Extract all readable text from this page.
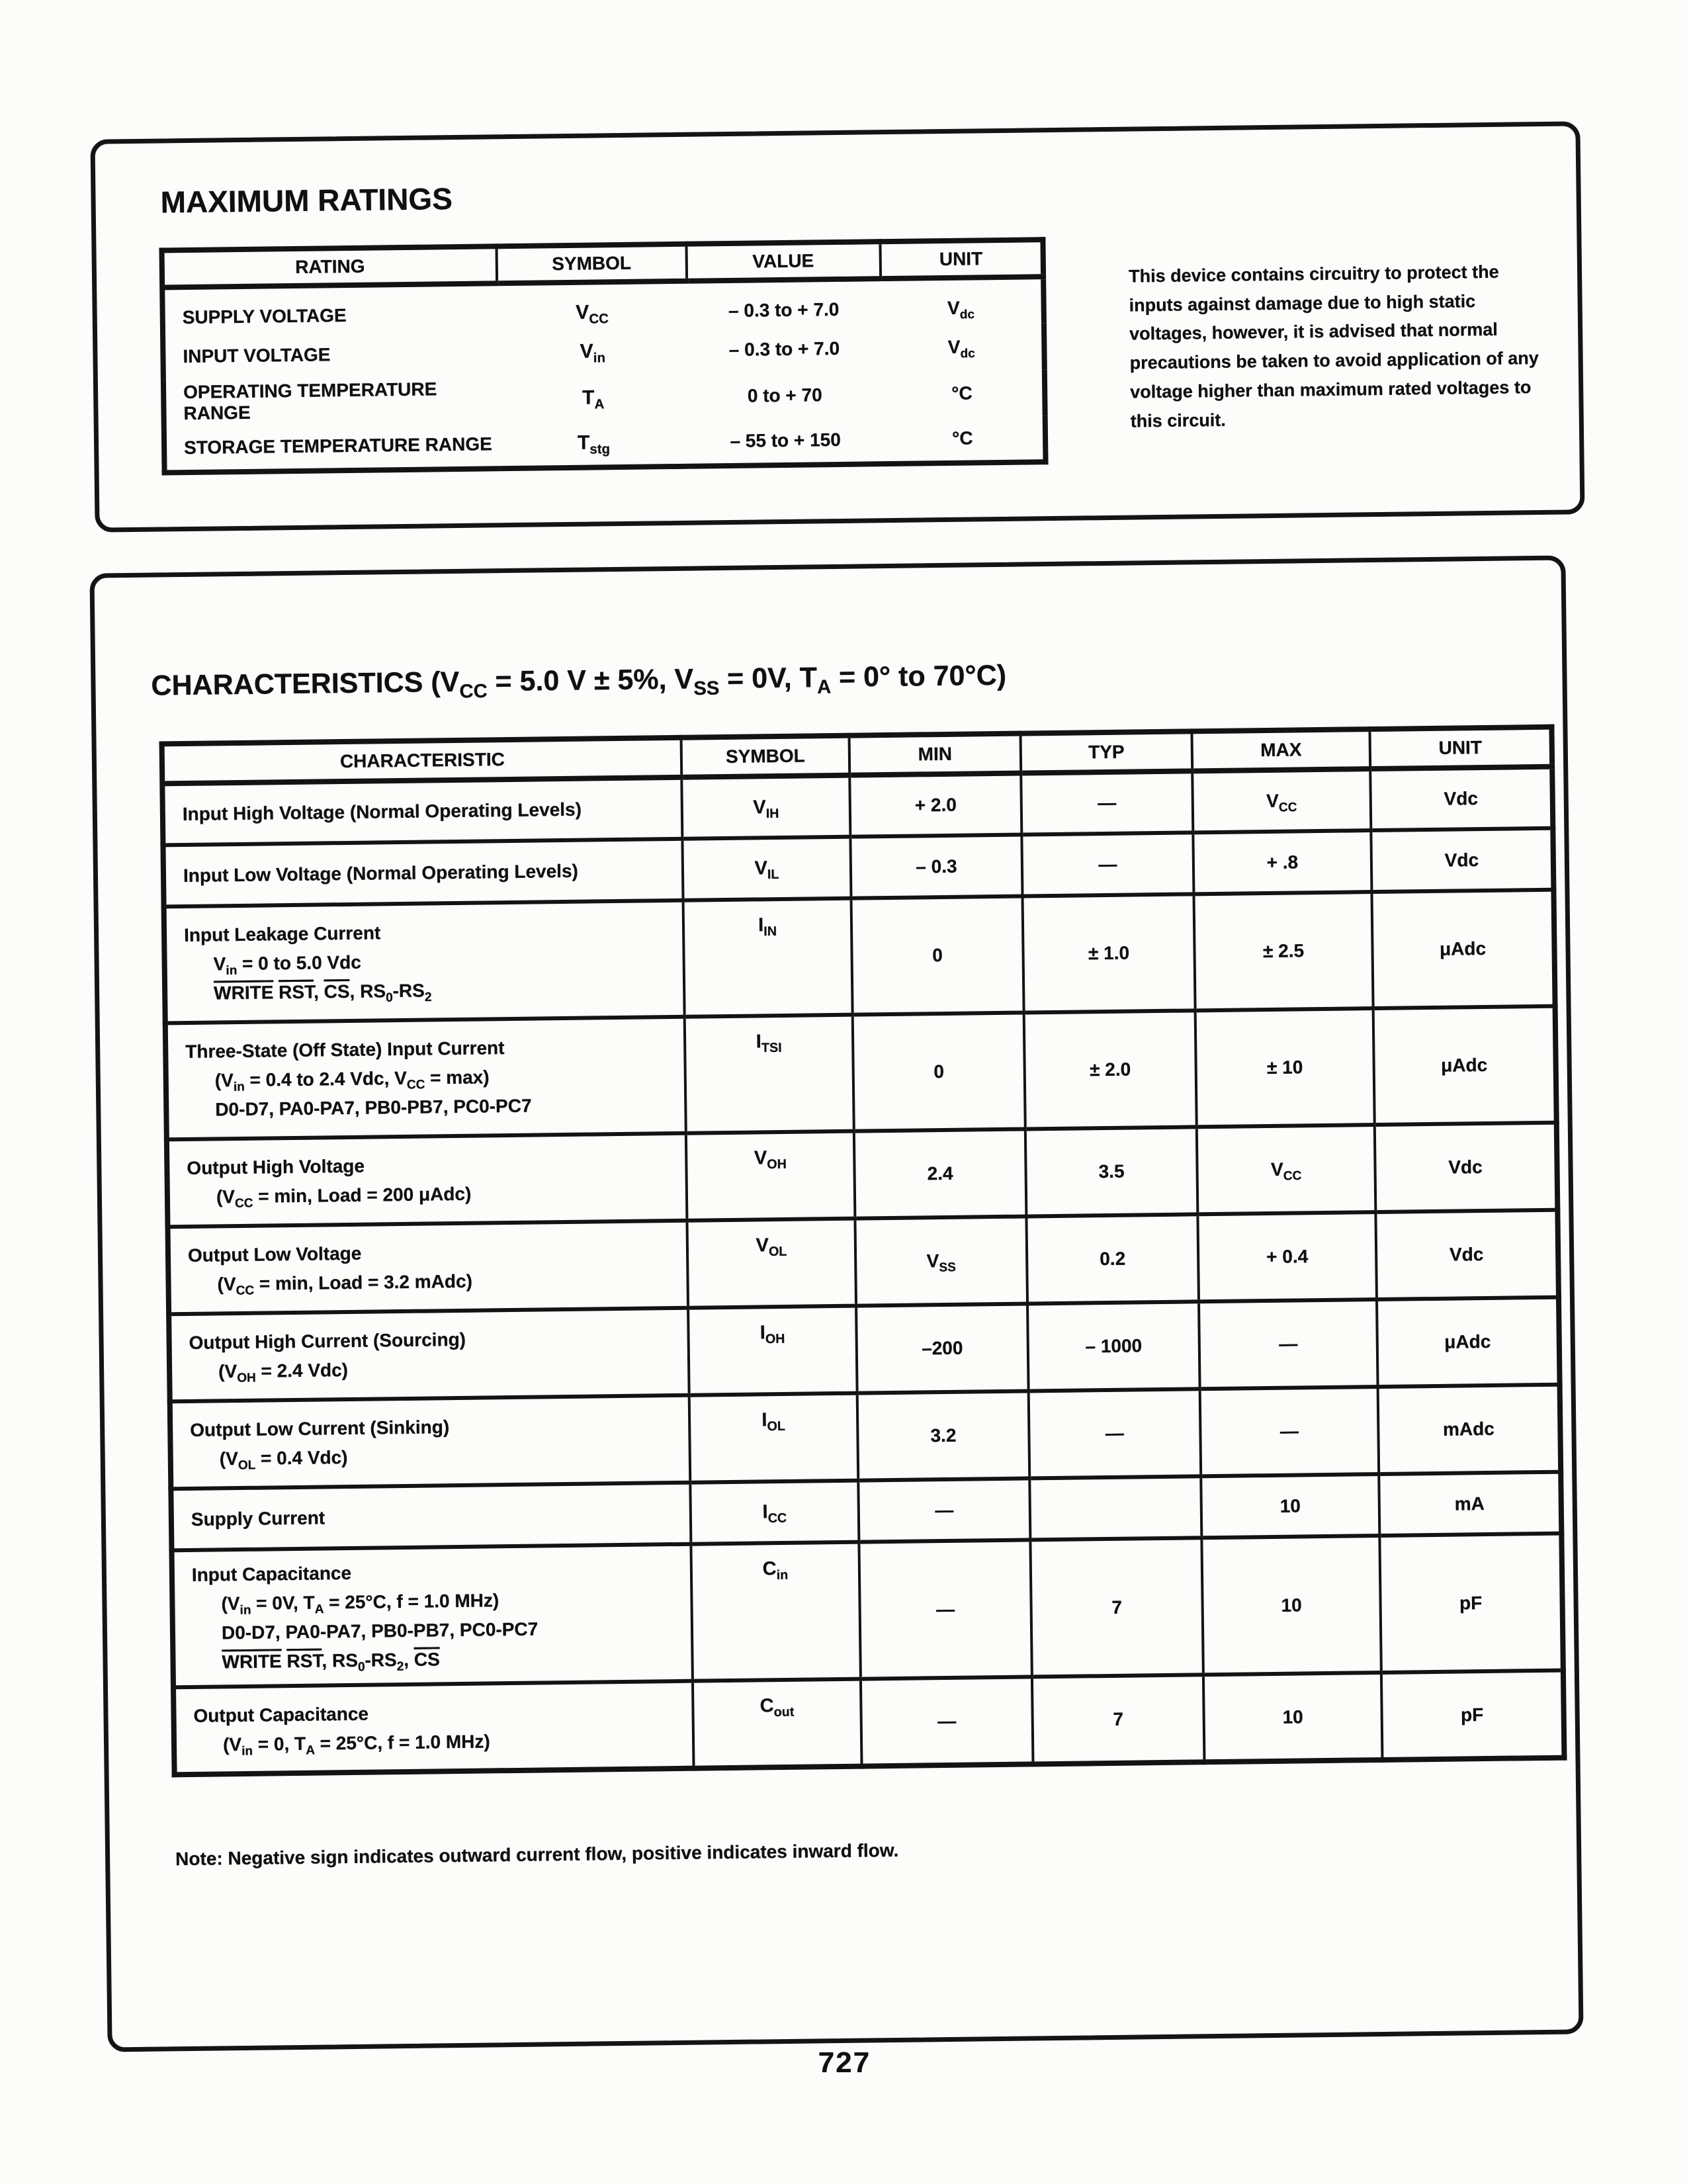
MAXIMUM RATINGS
RATING	SYMBOL	VALUE	UNIT
SUPPLY VOLTAGE	$V_{CC}$	– 0.3 to + 7.0	$V_{dc}$
INPUT VOLTAGE	$V_{in}$	– 0.3 to + 7.0	$V_{dc}$
OPERATING TEMPERATURE RANGE	$T_A$	0 to + 70	°C
STORAGE TEMPERATURE RANGE	$T_{stg}$	– 55 to + 150	°C

This device contains circuitry to protect the inputs against damage due to high static voltages, however, it is advised that normal precautions be taken to avoid application of any voltage higher than maximum rated voltages to this circuit.

CHARACTERISTICS ($V_{CC} = 5.0$ V ± 5%, $V_{SS} = 0V$, $T_A = 0^\circ$ to 70°C)
CHARACTERISTIC	SYMBOL	MIN	TYP	MAX	UNIT

Input High Voltage (Normal Operating Levels)	$V_{IH}$	+ 2.0	—	$V_{CC}$	Vdc

Input Low Voltage (Normal Operating Levels)	$V_{IL}$	– 0.3	—	+ .8	Vdc

Input Leakage Current
$V_{in} = 0$ to 5.0 Vdc
WRITE $\overline{RST}$, $\overline{CS}$, $RS_0-RS_2$	$I_{IN}$	0	± 1.0	± 2.5	μAdc

Three-State (Off State) Input Current
($V_{in} = 0.4$ to 2.4 Vdc, $V_{CC} = \max$)
D0-D7, PA0-PA7, PB0-PB7, PC0-PC7	$I_{TSI}$	0	± 2.0	± 10	μAdc

Output High Voltage
($V_{CC} = \min$, Load = 200 μAdc)	$V_{OH}$	2.4	3.5	$V_{CC}$	Vdc

Output Low Voltage
($V_{CC} = \min$, Load = 3.2 mAdc)	$V_{OL}$	$V_{SS}$	0.2	+ 0.4	Vdc

Output High Current (Sourcing)
($V_{OH} = 2.4$ Vdc)	$I_{OH}$	–200	– 1000	—	μAdc

Output Low Current (Sinking)
($V_{OL} = 0.4$ Vdc)	$I_{OL}$	3.2	—	—	mAdc

Supply Current	$I_{CC}$	—		10	mA

Input Capacitance
($V_{in} = 0V$, $T_A = 25^\circ C$, f = 1.0 MHz)
D0-D7, PA0-PA7, PB0-PB7, PC0-PC7
WRITE $\overline{RST}$, $RS_0-RS_2$, $\overline{CS}$	$C_{in}$	—	7	10	pF

Output Capacitance
($V_{in} = 0$, $T_A = 25^\circ C$, f = 1.0 MHz)	$C_{out}$	—	7	10	pF

Note: Negative sign indicates outward current flow, positive indicates inward flow.

727
